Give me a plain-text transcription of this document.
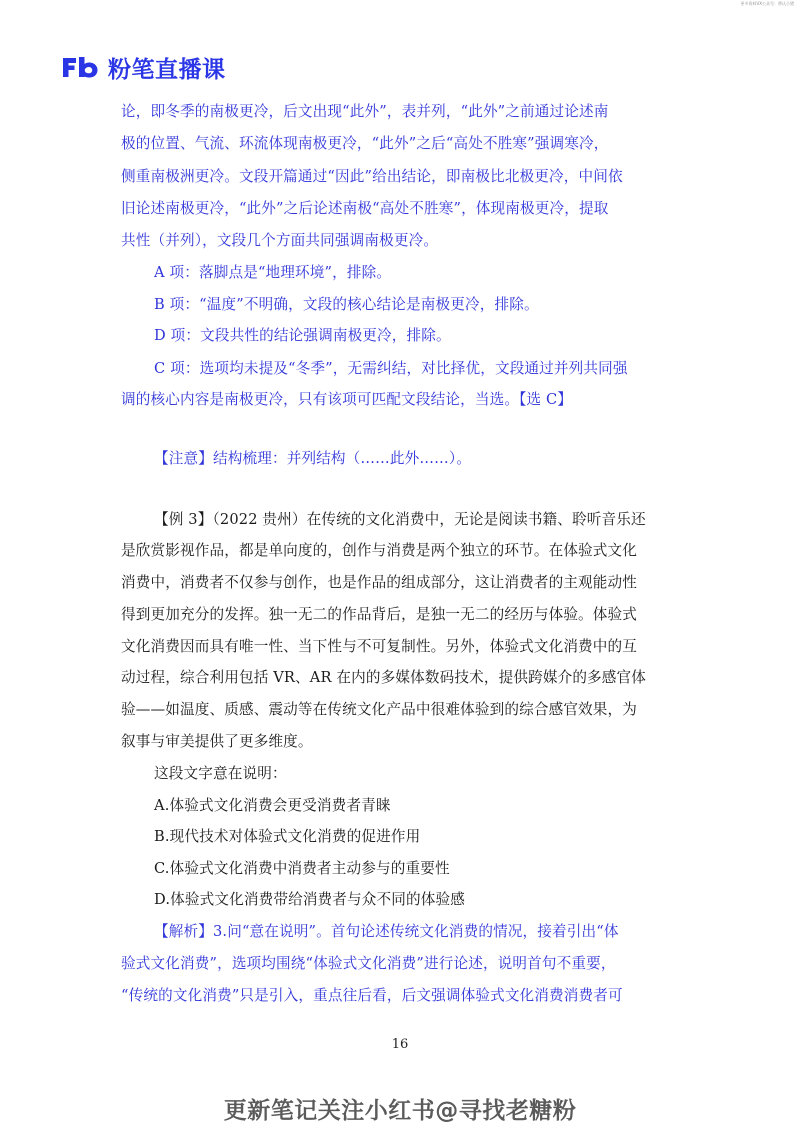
更多资料VX公众号：带认小猪
粉笔直播课
论，即冬季的南极更冷，后文出现“此外”，表并列，“此外”之前通过论述南
极的位置、气流、环流体现南极更冷，“此外”之后“高处不胜寒”强调寒冷，
侧重南极洲更冷。文段开篇通过“因此”给出结论，即南极比北极更冷，中间依
旧论述南极更冷，“此外”之后论述南极“高处不胜寒”，体现南极更冷，提取
共性（并列），文段几个方面共同强调南极更冷。
A 项：落脚点是“地理环境”，排除。
B 项：“温度”不明确，文段的核心结论是南极更冷，排除。
D 项：文段共性的结论强调南极更冷，排除。
C 项：选项均未提及“冬季”，无需纠结，对比择优，文段通过并列共同强
调的核心内容是南极更冷，只有该项可匹配文段结论，当选。【选 C】
【注意】结构梳理：并列结构（……此外……）。
【例 3】（2022 贵州）在传统的文化消费中，无论是阅读书籍、聆听音乐还
是欣赏影视作品，都是单向度的，创作与消费是两个独立的环节。在体验式文化
消费中，消费者不仅参与创作，也是作品的组成部分，这让消费者的主观能动性
得到更加充分的发挥。独一无二的作品背后，是独一无二的经历与体验。体验式
文化消费因而具有唯一性、当下性与不可复制性。另外，体验式文化消费中的互
动过程，综合利用包括 VR、AR 在内的多媒体数码技术，提供跨媒介的多感官体
验——如温度、质感、震动等在传统文化产品中很难体验到的综合感官效果，为
叙事与审美提供了更多维度。
这段文字意在说明：
A.体验式文化消费会更受消费者青睐
B.现代技术对体验式文化消费的促进作用
C.体验式文化消费中消费者主动参与的重要性
D.体验式文化消费带给消费者与众不同的体验感
【解析】3.问“意在说明”。首句论述传统文化消费的情况，接着引出“体
验式文化消费”，选项均围绕“体验式文化消费”进行论述，说明首句不重要，
“传统的文化消费”只是引入，重点往后看，后文强调体验式文化消费消费者可
16
更新笔记关注小红书@寻找老糖粉
